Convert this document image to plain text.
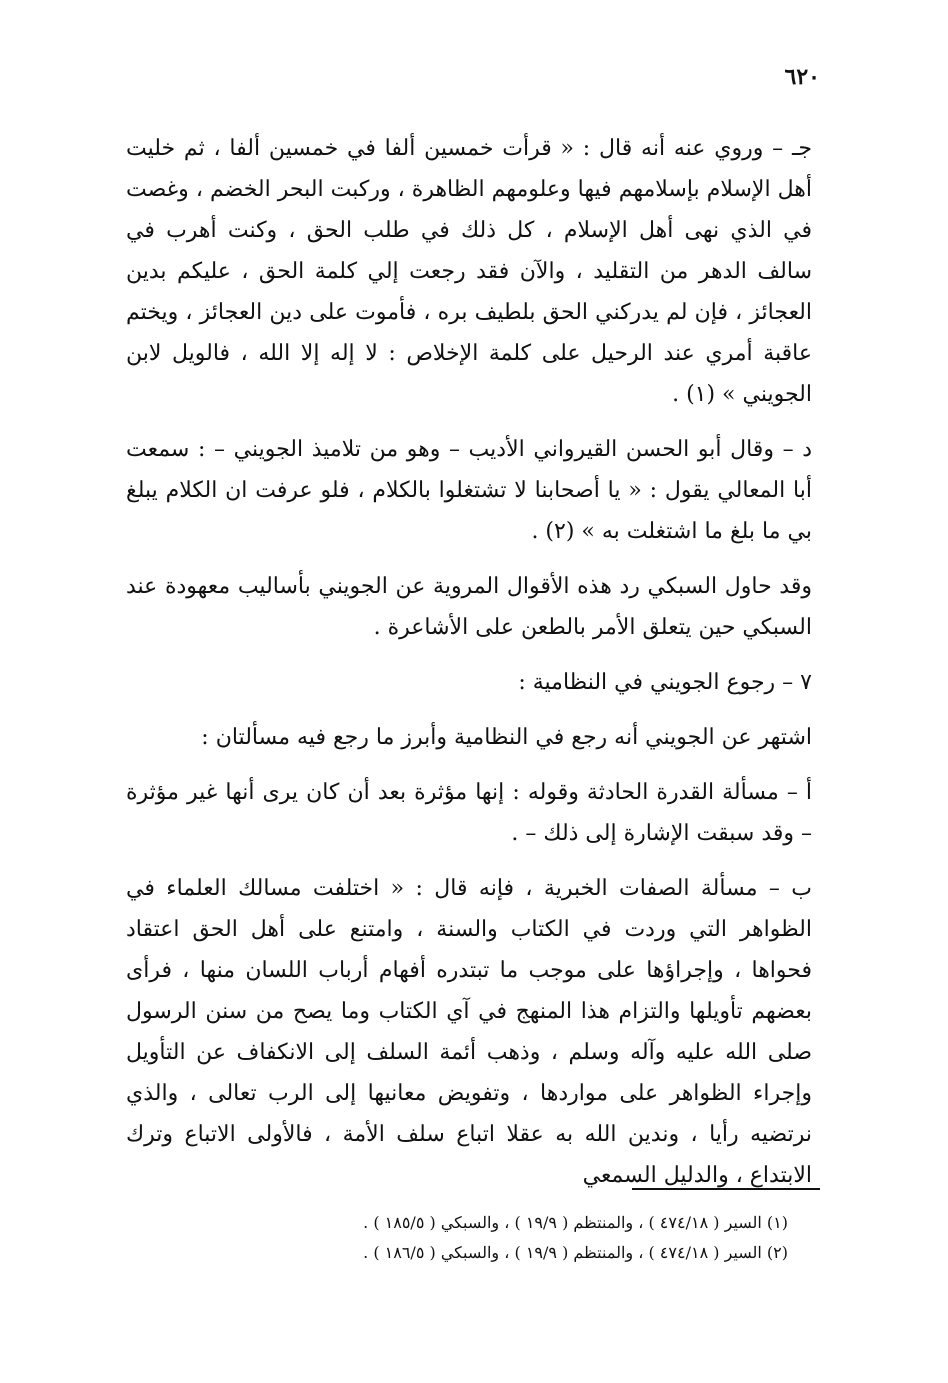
٦٢٠

جـ – وروي عنه أنه قال : « قرأت خمسين ألفا في خمسين ألفا ، ثم خليت أهل الإسلام بإسلامهم فيها وعلومهم الظاهرة ، وركبت البحر الخضم ، وغصت في الذي نهى أهل الإسلام ، كل ذلك في طلب الحق ، وكنت أهرب في سالف الدهر من التقليد ، والآن فقد رجعت إلي كلمة الحق ، عليكم بدين العجائز ، فإن لم يدركني الحق بلطيف بره ، فأموت على دين العجائز ، ويختم عاقبة أمري عند الرحيل على كلمة الإخلاص : لا إله إلا الله ، فالويل لابن الجويني » (١) .

د – وقال أبو الحسن القيرواني الأديب – وهو من تلاميذ الجويني – : سمعت أبا المعالي يقول : « يا أصحابنا لا تشتغلوا بالكلام ، فلو عرفت ان الكلام يبلغ بي ما بلغ ما اشتغلت به » (٢) .

وقد حاول السبكي رد هذه الأقوال المروية عن الجويني بأساليب معهودة عند السبكي حين يتعلق الأمر بالطعن على الأشاعرة .

٧ – رجوع الجويني في النظامية :

اشتهر عن الجويني أنه رجع في النظامية وأبرز ما رجع فيه مسألتان :

أ – مسألة القدرة الحادثة وقوله : إنها مؤثرة بعد أن كان يرى أنها غير مؤثرة – وقد سبقت الإشارة إلى ذلك – .

ب – مسألة الصفات الخبرية ، فإنه قال : « اختلفت مسالك العلماء في الظواهر التي وردت في الكتاب والسنة ، وامتنع على أهل الحق اعتقاد فحواها ، وإجراؤها على موجب ما تبتدره أفهام أرباب اللسان منها ، فرأى بعضهم تأويلها والتزام هذا المنهج في آي الكتاب وما يصح من سنن الرسول صلى الله عليه وآله وسلم ، وذهب أئمة السلف إلى الانكفاف عن التأويل وإجراء الظواهر على مواردها ، وتفويض معانيها إلى الرب تعالى ، والذي نرتضيه رأيا ، وندين الله به عقلا اتباع سلف الأمة ، فالأولى الاتباع وترك الابتداع ، والدليل السمعي

(١) السير ( ٤٧٤/١٨ ) ، والمنتظم ( ١٩/٩ ) ، والسبكي ( ١٨٥/٥ ) .

(٢) السير ( ٤٧٤/١٨ ) ، والمنتظم ( ١٩/٩ ) ، والسبكي ( ١٨٦/٥ ) .
